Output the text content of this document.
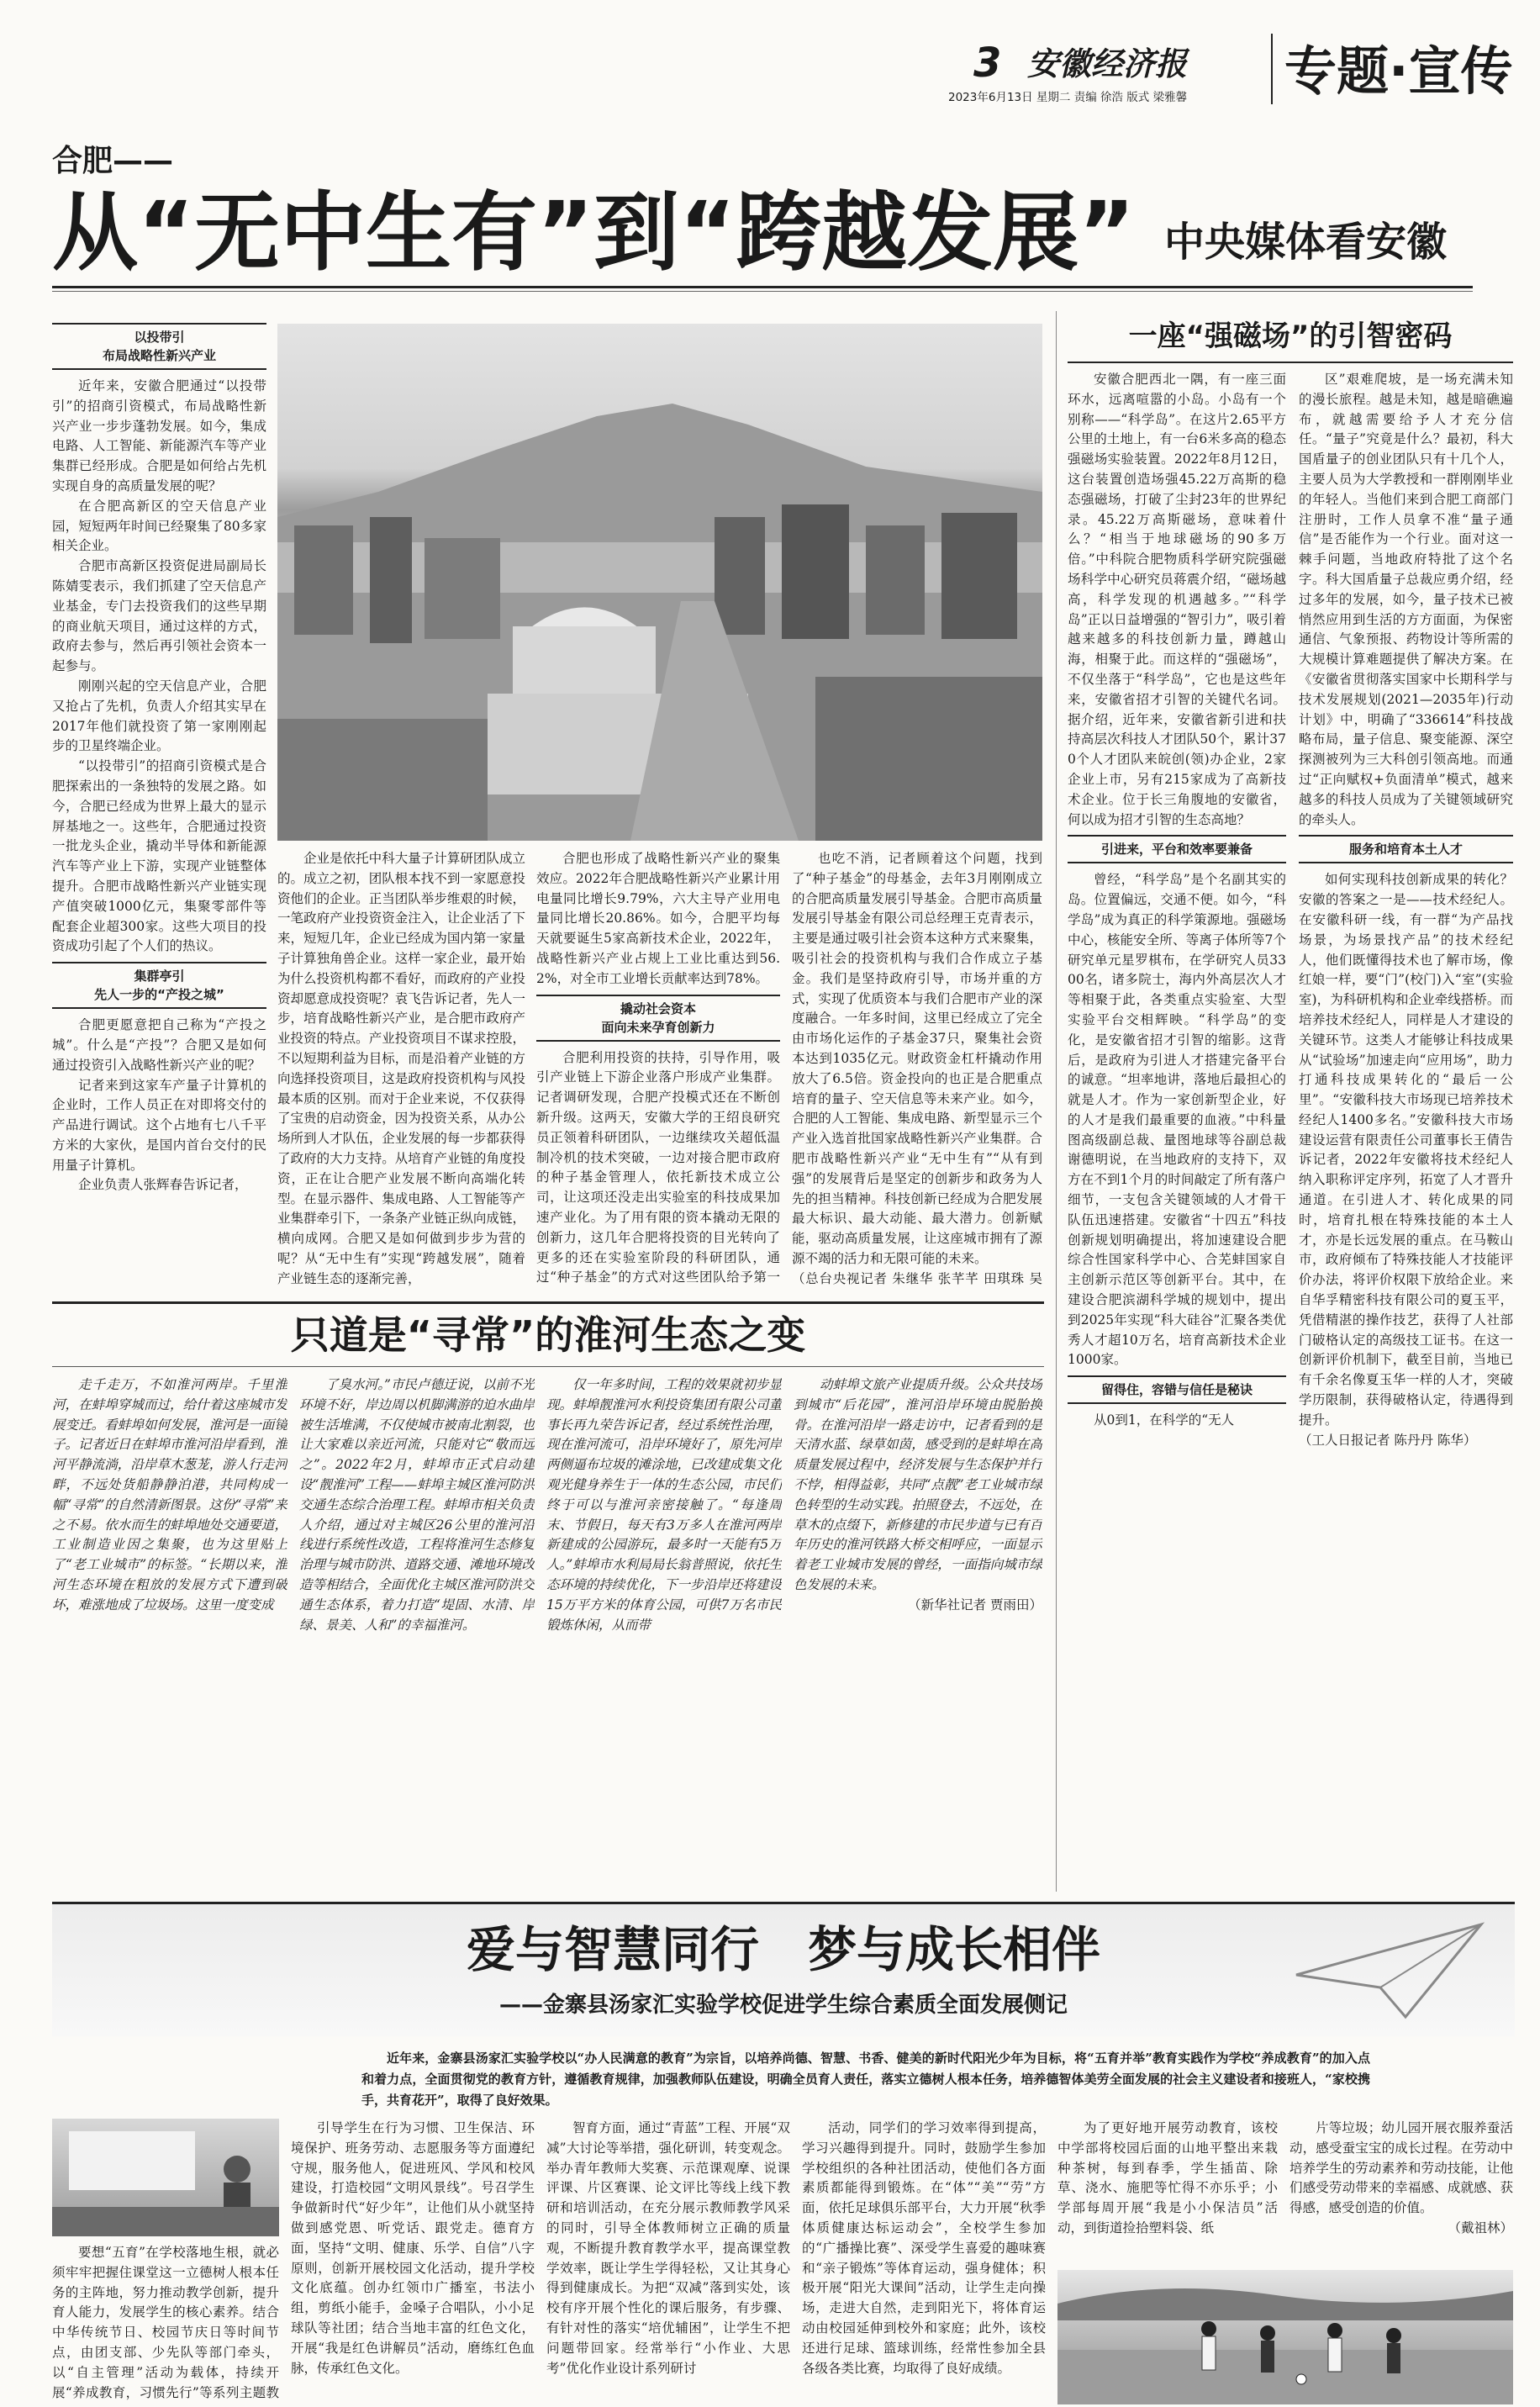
3 安徽经济报
2023年6月13日 星期二 责编 徐浩 版式 梁雅馨	专题·宣传
合肥——
从“无中生有”到“跨越发展” 中央媒体看安徽
以投带引
布局战略性新兴产业

近年来，安徽合肥通过“以投带引”的招商引资模式，布局战略性新兴产业一步步蓬勃发展。如今，集成电路、人工智能、新能源汽车等产业集群已经形成。合肥是如何给占先机实现自身的高质量发展的呢？

在合肥高新区的空天信息产业园，短短两年时间已经聚集了80多家相关企业。

合肥市高新区投资促进局副局长陈婧雯表示，我们抓建了空天信息产业基金，专门去投资我们的这些早期的商业航天项目，通过这样的方式，政府去参与，然后再引领社会资本一起参与。

刚刚兴起的空天信息产业，合肥又抢占了先机，负责人介绍其实早在2017年他们就投资了第一家刚刚起步的卫星终端企业。

“以投带引”的招商引资模式是合肥探索出的一条独特的发展之路。如今，合肥已经成为世界上最大的显示屏基地之一。这些年，合肥通过投资一批龙头企业，撬动半导体和新能源汽车等产业上下游，实现产业链整体提升。合肥市战略性新兴产业链实现产值突破1000亿元，集聚零部件等配套企业超300家。这些大项目的投资成功引起了个人们的热议。

集群亭引
先人一步的“产投之城”

合肥更愿意把自己称为“产投之城”。什么是“产投”？合肥又是如何通过投资引入战略性新兴产业的呢？

记者来到这家车产量子计算机的企业时，工作人员正在对即将交付的产品进行调试。这个占地有七八千平方米的大家伙，是国内首台交付的民用量子计算机。

企业负责人张辉春告诉记者，

企业是依托中科大量子计算研团队成立的。成立之初，团队根本找不到一家愿意投资他们的企业。正当团队举步维艰的时候，一笔政府产业投资资金注入，让企业活了下来，短短几年，企业已经成为国内第一家量子计算独角兽企业。这样一家企业，最开始为什么投资机构都不看好，而政府的产业投资却愿意成投资呢？袁飞告诉记者，先人一步，培育战略性新兴产业，是合肥市政府产业投资的特点。产业投资项目不谋求控股，不以短期利益为目标，而是沿着产业链的方向选择投资项目，这是政府投资机构与风投最本质的区别。而对于企业来说，不仅获得了宝贵的启动资金，因为投资关系，从办公场所到人才队伍，企业发展的每一步都获得了政府的大力支持。从培育产业链的角度投资，正在让合肥产业发展不断向高端化转型。在显示器件、集成电路、人工智能等产业集群牵引下，一条条产业链正纵向成链，横向成网。合肥又是如何做到步步为营的呢？从“无中生有”实现“跨越发展”，随着产业链生态的逐渐完善，

合肥也形成了战略性新兴产业的聚集效应。2022年合肥战略性新兴产业累计用电量同比增长9.79%，六大主导产业用电量同比增长20.86%。如今，合肥平均每天就要诞生5家高新技术企业，2022年，战略性新兴产业占规上工业比重达到56.2%，对全市工业增长贡献率达到78%。

撬动社会资本
面向未来孕育创新力

合肥利用投资的扶持，引导作用，吸引产业链上下游企业落户形成产业集群。记者调研发现，合肥产投模式还在不断创新升级。这两天，安徽大学的王绍良研究员正领着科研团队，一边继续攻关超低温制冷机的技术突破，一边对接合肥市政府的种子基金管理人，依托新技术成立公司，让这项还没走出实验室的科技成果加速产业化。为了用有限的资本撬动无限的创新力，这几年合肥将投资的目光转向了更多的还在实验室阶段的科研团队，通过“种子基金”的方式对这些团队给予第一

也吃不消，记者顾着这个问题，找到了“种子基金”的母基金，去年3月刚刚成立的合肥高质量发展引导基金。合肥市高质量发展引导基金有限公司总经理王克青表示，主要是通过吸引社会资本这种方式来聚集，吸引社会的投资机构与我们合作成立子基金。我们是坚持政府引导，市场并重的方式，实现了优质资本与我们合肥市产业的深度融合。一年多时间，这里已经成立了完全由市场化运作的子基金37只，聚集社会资本达到1035亿元。财政资金杠杆撬动作用放大了6.5倍。资金投向的也正是合肥重点培育的量子、空天信息等未来产业。如今，合肥的人工智能、集成电路、新型显示三个产业入选首批国家战略性新兴产业集群。合肥市战略性新兴产业“无中生有”“从有到强”的发展背后是坚定的创新步和政务为人先的担当精神。科技创新已经成为合肥发展最大标识、最大动能、最大潜力。创新赋能，驱动高质量发展，让这座城市拥有了源源不竭的活力和无限可能的未来。

（总台央视记者 朱继华 张芊芊 田琪珠 吴
一座“强磁场”的引智密码

安徽合肥西北一隅，有一座三面环水，远离喧嚣的小岛。小岛有一个别称——“科学岛”。在这片2.65平方公里的土地上，有一台6米多高的稳态强磁场实验装置。2022年8月12日，这台装置创造场强45.22万高斯的稳态强磁场，打破了尘封23年的世界纪录。45.22万高斯磁场，意味着什么？“相当于地球磁场的90多万倍。”中科院合肥物质科学研究院强磁场科学中心研究员蒋震介绍，“磁场越高，科学发现的机遇越多。”“科学岛”正以日益增强的“智引力”，吸引着越来越多的科技创新力量，蹲越山海，相聚于此。而这样的“强磁场”，不仅坐落于“科学岛”，它也是这些年来，安徽省招才引智的关键代名词。据介绍，近年来，安徽省新引进和扶持高层次科技人才团队50个，累计370个人才团队来皖创(领)办企业，2家企业上市，另有215家成为了高新技术企业。位于长三角腹地的安徽省，何以成为招才引智的生态高地？

引进来，平台和效率要兼备

曾经，“科学岛”是个名副其实的岛。位置偏远，交通不便。如今，“科学岛”成为真正的科学策源地。强磁场中心，核能安全所、等离子体所等7个研究单元星罗棋布，在学研究人员3300名，诸多院士，海内外高层次人才等相聚于此，各类重点实验室、大型实验平台交相辉映。“科学岛”的变化，是安徽省招才引智的缩影。这背后，是政府为引进人才搭建完备平台的诚意。“坦率地讲，落地后最担心的就是人才。作为一家创新型企业，好的人才是我们最重要的血液。”中科量图高级副总裁、量图地球等谷副总裁谢德明说，在当地政府的支持下，双方在不到1个月的时间敲定了所有落户细节，一支包含关键领域的人才骨干队伍迅速搭建。安徽省“十四五”科技创新规划明确提出，将加速建设合肥综合性国家科学中心、合芜蚌国家自主创新示范区等创新平台。其中，在建设合肥滨湖科学城的规划中，提出到2025年实现“科大硅谷”汇聚各类优秀人才超10万名，培育高新技术企业1000家。

留得住，容错与信任是秘诀

从0到1，在科学的“无人

区”艰难爬坡，是一场充满未知的漫长旅程。越是未知，越是暗礁遍布，就越需要给予人才充分信任。“量子”究竟是什么？最初，科大国盾量子的创业团队只有十几个人，主要人员为大学教授和一群刚刚毕业的年轻人。当他们来到合肥工商部门注册时，工作人员拿不准“量子通信”是否能作为一个行业。面对这一棘手问题，当地政府特批了这个名字。科大国盾量子总裁应勇介绍，经过多年的发展，如今，量子技术已被悄然应用到生活的方方面面，为保密通信、气象预报、药物设计等所需的大规模计算难题提供了解决方案。在《安徽省贯彻落实国家中长期科学与技术发展规划(2021—2035年)行动计划》中，明确了“336614”科技战略布局，量子信息、聚变能源、深空探测被列为三大科创引领高地。而通过“正向赋权+负面清单”模式，越来越多的科技人员成为了关键领域研究的牵头人。

服务和培育本土人才

如何实现科技创新成果的转化？安徽的答案之一是——技术经纪人。在安徽科研一线，有一群“为产品找场景，为场景找产品”的技术经纪人，他们既懂得技术也了解市场，像红娘一样，要“门”(校门)入“室”(实验室)，为科研机构和企业牵线搭桥。而培养技术经纪人，同样是人才建设的关键环节。这类人才能够让科技成果从“试验场”加速走向“应用场”，助力打通科技成果转化的“最后一公里”。“安徽科技大市场现已培养技术经纪人1400多名。”安徽科技大市场建设运营有限责任公司董事长王倩告诉记者，2022年安徽将技术经纪人纳入职称评定序列，拓宽了人才晋升通道。在引进人才、转化成果的同时，培育扎根在特殊技能的本土人才，亦是长远发展的重点。在马鞍山市，政府倾布了特殊技能人才技能评价办法，将评价权限下放给企业。来自华孚精密科技有限公司的夏玉平，凭借精湛的操作技艺，获得了人社部门破格认定的高级技工证书。在这一创新评价机制下，截至目前，当地已有千余名像夏玉华一样的人才，突破学历限制，获得破格认定，待遇得到提升。

（工人日报记者 陈丹丹 陈华）
只道是“寻常”的淮河生态之变

走千走万，不如淮河两岸。千里淮河，在蚌埠穿城而过，给什着这座城市发展变迁。看蚌埠如何发展，淮河是一面镜子。记者近日在蚌埠市淮河沿岸看到，淮河平静流淌，沿岸草木葱茏，游人行走河畔，不远处货船静静泊港，共同构成一幅“寻常”的自然清新图景。这份“寻常”来之不易。依水而生的蚌埠地处交通要道，工业制造业因之集聚，也为这里贴上了“老工业城市”的标签。“长期以来，淮河生态环境在粗放的发展方式下遭到破坏，难涨地成了垃圾场。这里一度变成

了臭水河。”市民卢德迂说，以前不光环境不好，岸边周以机脚满游的迫水曲岸被生活堆满，不仅使城市被南北割裂，也让大家难以亲近河流，只能对它“敬而远之”。2022年2月，蚌埠市正式启动建设“靓淮河”工程——蚌埠主城区淮河防洪交通生态综合治理工程。蚌埠市相关负责人介绍，通过对主城区26公里的淮河沿线进行系统性改造，工程将淮河生态修复治理与城市防洪、道路交通、滩地环境改造等相结合，全面优化主城区淮河防洪交通生态体系，着力打造“堤固、水清、岸绿、景美、人和”的幸福淮河。

仅一年多时间，工程的效果就初步显现。蚌埠靓淮河水利投资集团有限公司董事长再九荣告诉记者，经过系统性治理，现在淮河流可，沿岸环境好了，原先河岸两侧逼布垃圾的滩涂地，已改建成集文化观光健身养生于一体的生态公园，市民们终于可以与淮河亲密接触了。“每逢周末、节假日，每天有3万多人在淮河两岸新建成的公园游玩，最多时一天能有5万人。”蚌埠市水利局局长翁普照说，依托生态环境的持续优化，下一步沿岸还将建设15万平方米的体育公园，可供7万名市民锻炼休闲，从而带

动蚌埠文旅产业提质升级。公众共技场到城市“后花园”，淮河沿岸环境由脱胎换骨。在淮河沿岸一路走访中，记者看到的是天清水蓝、绿草如茵，感受到的是蚌埠在高质量发展过程中，经济发展与生态保护并行不悖，相得益彰，共同“点靓”老工业城市绿色转型的生动实践。拍照登去，不远处，在草木的点缀下，新修建的市民步道与已有百年历史的淮河铁路大桥交相呼应，一面显示着老工业城市发展的曾经，一面指向城市绿色发展的未来。

（新华社记者 贾雨田）
爱与智慧同行　梦与成长相伴
——金寨县汤家汇实验学校促进学生综合素质全面发展侧记
近年来，金寨县汤家汇实验学校以“办人民满意的教育”为宗旨，以培养尚德、智慧、书香、健美的新时代阳光少年为目标，将“五育并举”教育实践作为学校“养成教育”的加入点和着力点，全面贯彻党的教育方针，遵循教育规律，加强教师队伍建设，明确全员育人责任，落实立德树人根本任务，培养德智体美劳全面发展的社会主义建设者和接班人，“家校携手，共育花开”，取得了良好效果。

要想“五育”在学校落地生根，就必须牢牢把握住课堂这一立德树人根本任务的主阵地，努力推动教学创新，提升育人能力，发展学生的核心素养。结合中华传统节日、校园节庆日等时间节点，由团支部、少先队等部门牵头，以“自主管理”活动为载体，持续开展“养成教育，习惯先行”等系列主题教

引导学生在行为习惯、卫生保洁、环境保护、班务劳动、志愿服务等方面遵纪守规，服务他人，促进班风、学风和校风建设，打造校园“文明风景线”。号召学生争做新时代“好少年”，让他们从小就坚持做到感党恩、听党话、跟党走。德育方面，坚持“文明、健康、乐学、自信”八字原则，创新开展校园文化活动，提升学校文化底蕴。创办红领巾广播室，书法小组，剪纸小能手，金嗓子合唱队，小小足球队等社团；结合当地丰富的红色文化，开展“我是红色讲解员”活动，磨练红色血脉，传承红色文化。

智育方面，通过“青蓝”工程、开展“双减”大讨论等举措，强化研训，转变观念。举办青年教师大奖赛、示范课观摩、说课评课、片区赛课、论文评比等线上线下教研和培训活动，在充分展示教师教学风采的同时，引导全体教师树立正确的质量观，不断提升教育教学水平，提高课堂教学效率，既让学生学得轻松，又让其身心得到健康成长。为把“双减”落到实处，该校有序开展个性化的课后服务，有步骤、有针对性的落实“培优辅困”，让学生不把问题带回家。经常举行“小作业、大思考”优化作业设计系列研讨

活动，同学们的学习效率得到提高，学习兴趣得到提升。同时，鼓励学生参加学校组织的各种社团活动，使他们各方面素质都能得到锻炼。在“体”“美”“劳”方面，依托足球俱乐部平台，大力开展“秋季体质健康达标运动会”，全校学生参加的“广播操比赛”、深受学生喜爱的趣味赛和“亲子锻炼”等体育运动，强身健体；积极开展“阳光大课间”活动，让学生走向操场，走进大自然，走到阳光下，将体育运动由校园延伸到校外和家庭；此外，该校还进行足球、篮球训练，经常性参加全县各级各类比赛，均取得了良好成绩。

为了更好地开展劳动教育，该校中学部将校园后面的山地平整出来栽种茶树，每到春季，学生插苗、除草、浇水、施肥等忙得不亦乐乎；小学部每周开展“我是小小保洁员”活动，到街道捡拾塑料袋、纸

片等垃圾；幼儿园开展衣服养蚕活动，感受蚕宝宝的成长过程。在劳动中培养学生的劳动素养和劳动技能，让他们感受劳动带来的幸福感、成就感、获得感，感受创造的价值。

（戴祖林）
